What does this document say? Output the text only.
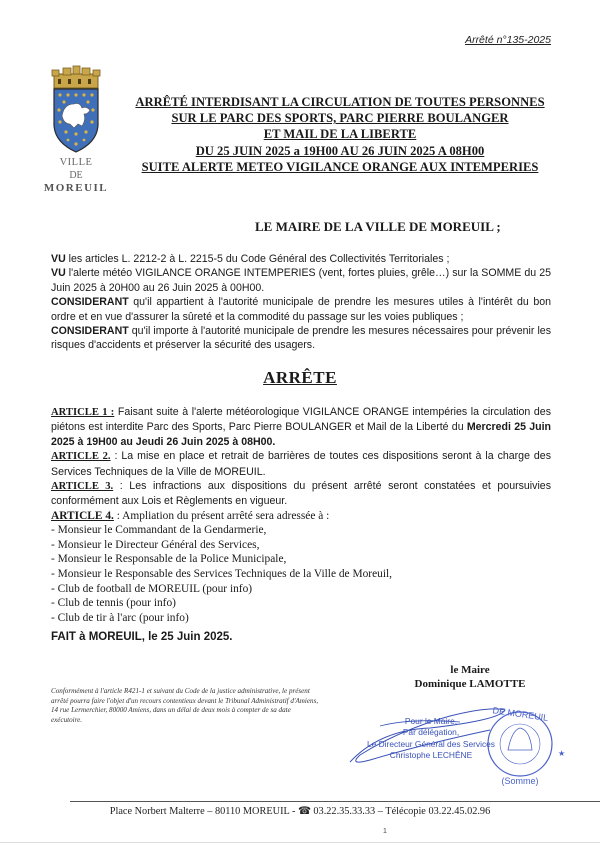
Arrêté n°135-2025
VILLE
DE
MOREUIL
ARRÊTÉ INTERDISANT LA CIRCULATION DE TOUTES PERSONNES
SUR LE PARC DES SPORTS, PARC PIERRE BOULANGER
ET MAIL DE LA LIBERTE
DU 25 JUIN 2025 a 19H00 AU 26 JUIN 2025 A 08H00
SUITE ALERTE METEO VIGILANCE ORANGE AUX INTEMPERIES
LE MAIRE DE LA VILLE DE MOREUIL ;

VU les articles L. 2212-2 à L. 2215-5 du Code Général des Collectivités Territoriales ;

VU l'alerte météo VIGILANCE ORANGE INTEMPERIES (vent, fortes pluies, grêle…) sur la SOMME du 25 Juin 2025 à 20H00 au 26 Juin 2025 à 00H00.

CONSIDERANT qu'il appartient à l'autorité municipale de prendre les mesures utiles à l'intérêt du bon ordre et en vue d'assurer la sûreté et la commodité du passage sur les voies publiques ;

CONSIDERANT qu'il importe à l'autorité municipale de prendre les mesures nécessaires pour prévenir les risques d'accidents et préserver la sécurité des usagers.

ARRÊTE

ARTICLE 1 : Faisant suite à l'alerte météorologique VIGILANCE ORANGE intempéries la circulation des piétons est interdite Parc des Sports, Parc Pierre BOULANGER et Mail de la Liberté du Mercredi 25 Juin 2025 à 19H00 au Jeudi 26 Juin 2025 à 08H00.

ARTICLE 2. : La mise en place et retrait de barrières de toutes ces dispositions seront à la charge des Services Techniques de la Ville de MOREUIL.

ARTICLE 3. : Les infractions aux dispositions du présent arrêté seront constatées et poursuivies conformément aux Lois et Règlements en vigueur.

ARTICLE 4. : Ampliation du présent arrêté sera adressée à :

- Monsieur le Commandant de la Gendarmerie,
- Monsieur le Directeur Général des Services,
- Monsieur le Responsable de la Police Municipale,
- Monsieur le Responsable des Services Techniques de la Ville de Moreuil,
- Club de football de MOREUIL (pour info)
- Club de tennis (pour info)
- Club de tir à l'arc (pour info)
FAIT à MOREUIL, le 25 Juin 2025.
Conformément à l'article R421-1 et suivant du Code de la justice administrative, le présent arrêté pourra faire l'objet d'un recours contentieux devant le Tribunal Administratif d'Amiens, 14 rue Lermerchier, 80000 Amiens, dans un délai de deux mois à compter de sa date exécutoire.
le Maire
Dominique LAMOTTE
DE MOREUIL
(Somme)
★
Pour le Maire,
Par délégation,
Le Directeur Général des Services
Christophe LECHÊNE
Place Norbert Malterre – 80110 MOREUIL - ☎ 03.22.35.33.33 – Télécopie 03.22.45.02.96
1
